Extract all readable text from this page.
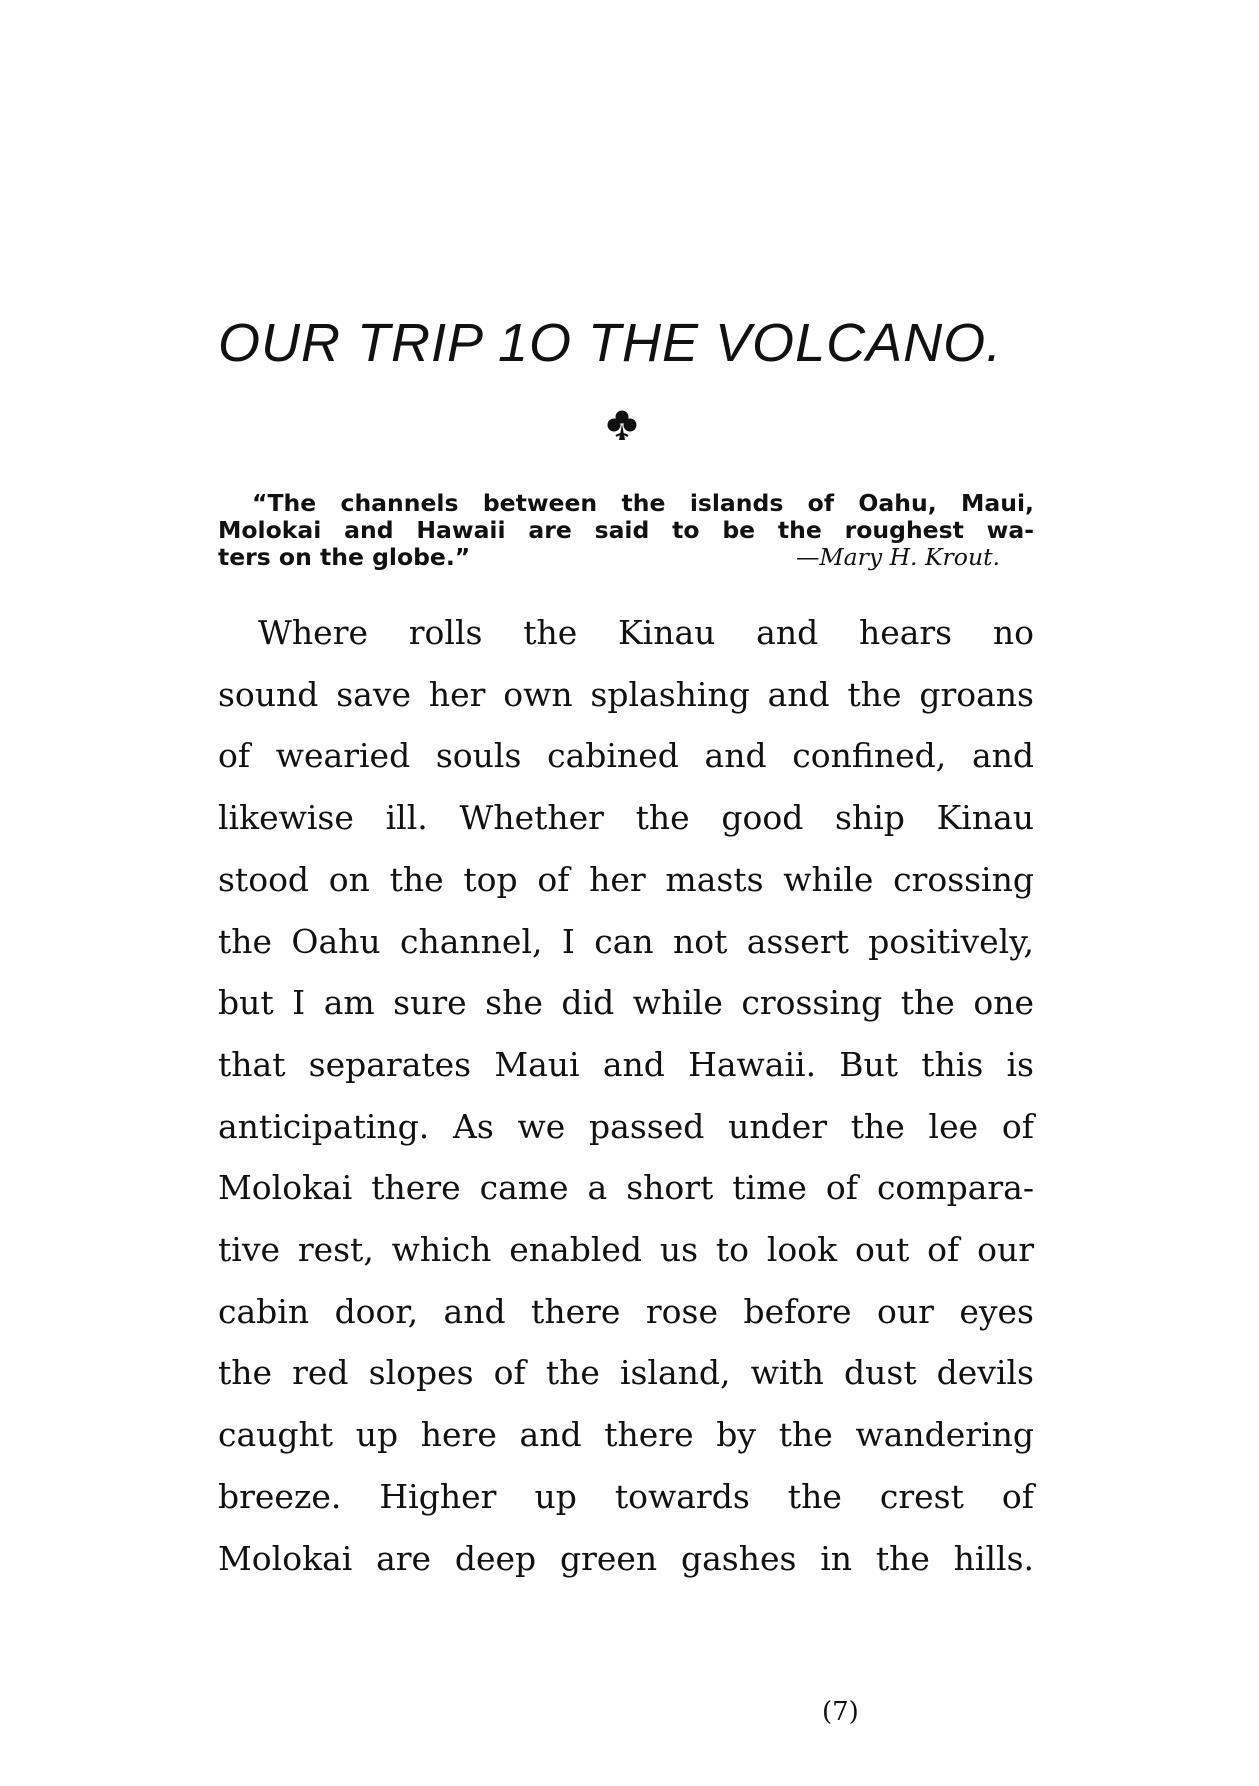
OUR TRIP 1O THE VOLCANO.
“The channels between the islands of Oahu, Maui,
Molokai and Hawaii are said to be the roughest wa-
ters on the globe.”	—Mary H. Krout.
Where rolls the Kinau and hears no
sound save her own splashing and the groans
of wearied souls cabined and confined, and
likewise ill. Whether the good ship Kinau
stood on the top of her masts while crossing
the Oahu channel, I can not assert positively,
but I am sure she did while crossing the one
that separates Maui and Hawaii. But this is
anticipating. As we passed under the lee of
Molokai there came a short time of compara-
tive rest, which enabled us to look out of our
cabin door, and there rose before our eyes
the red slopes of the island, with dust devils
caught up here and there by the wandering
breeze. Higher up towards the crest of
Molokai are deep green gashes in the hills.
(7)
